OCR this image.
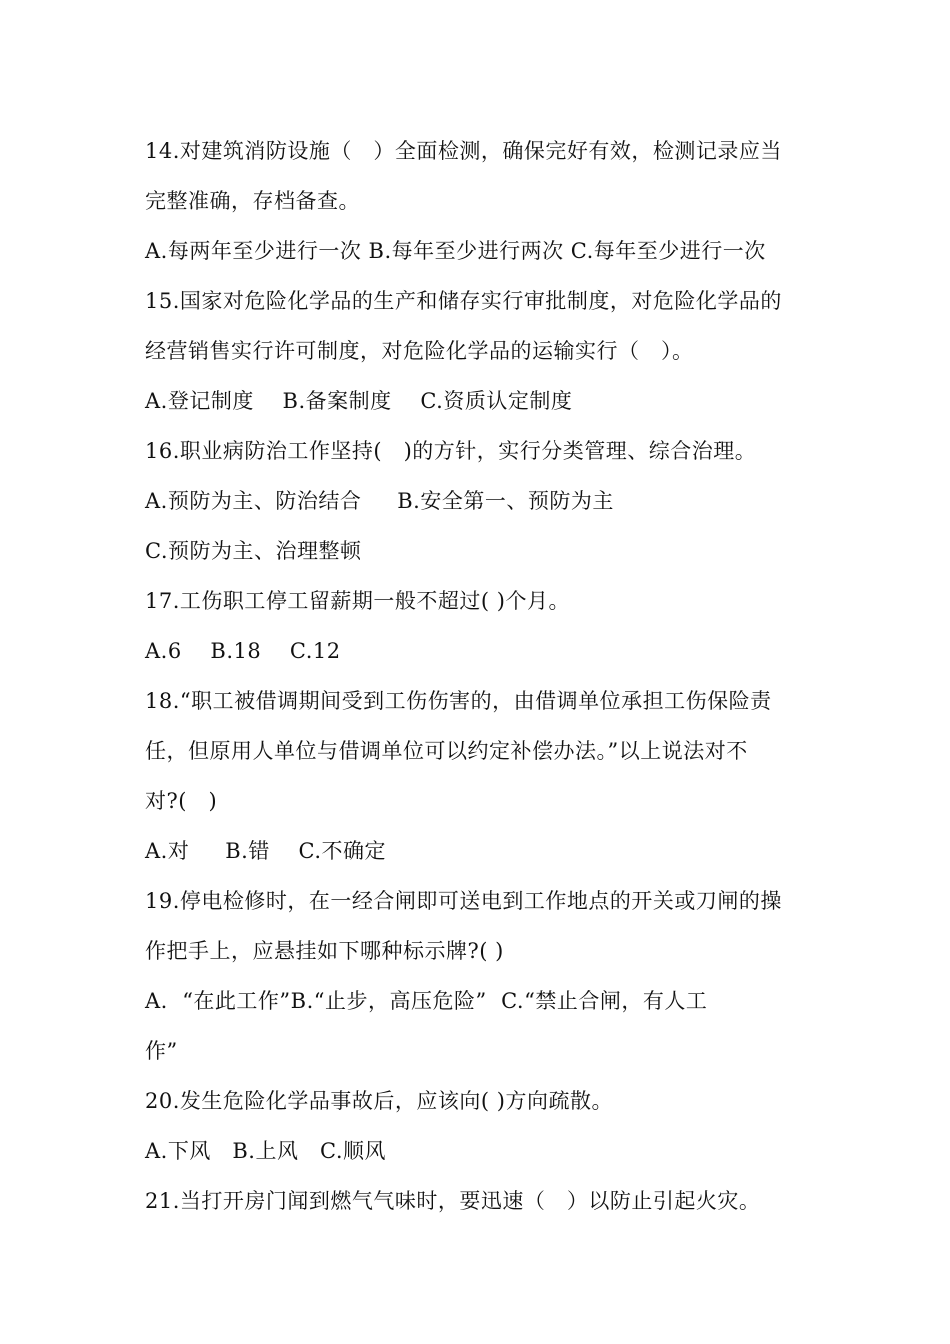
14.对建筑消防设施（   ）全面检测，确保完好有效，检测记录应当
完整准确，存档备查。
A.每两年至少进行一次 B.每年至少进行两次 C.每年至少进行一次
15.国家对危险化学品的生产和储存实行审批制度，对危险化学品的
经营销售实行许可制度，对危险化学品的运输实行（   ）。
A.登记制度    B.备案制度    C.资质认定制度
16.职业病防治工作坚持(   )的方针，实行分类管理、综合治理。
A.预防为主、防治结合     B.安全第一、预防为主
C.预防为主、治理整顿
17.工伤职工停工留薪期一般不超过( )个月。
A.6    B.18    C.12
18.“职工被借调期间受到工伤伤害的，由借调单位承担工伤保险责
任，但原用人单位与借调单位可以约定补偿办法。”以上说法对不
对?(   )
A.对     B.错    C.不确定
19.停电检修时，在一经合闸即可送电到工作地点的开关或刀闸的操
作把手上，应悬挂如下哪种标示牌?( )
A.  “在此工作”B.“止步，高压危险”  C.“禁止合闸，有人工
作”
20.发生危险化学品事故后，应该向( )方向疏散。
A.下风   B.上风   C.顺风
21.当打开房门闻到燃气气味时，要迅速（   ）以防止引起火灾。
